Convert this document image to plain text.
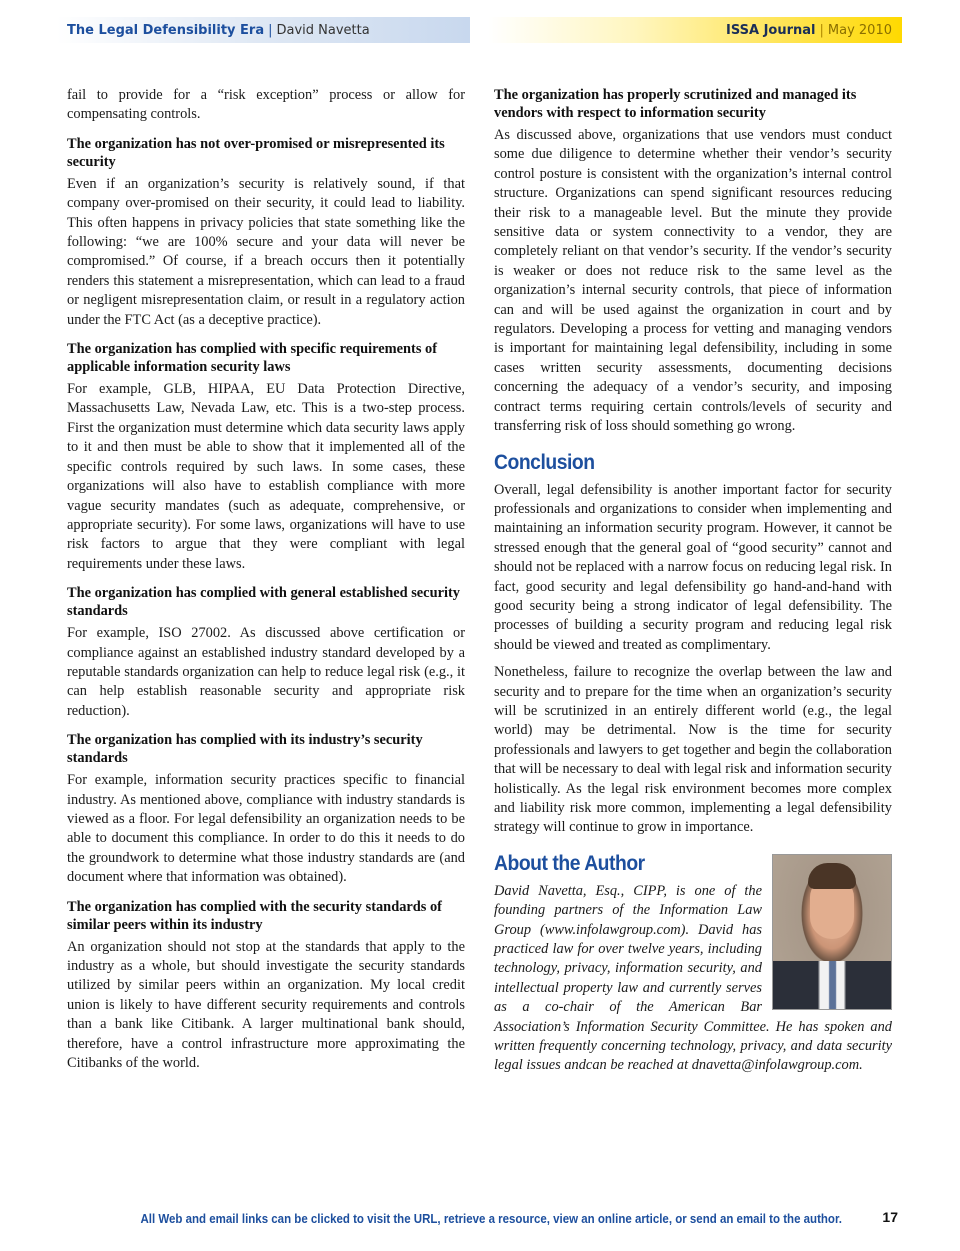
The Legal Defensibility Era | David Navetta	ISSA Journal | May 2010

fail to provide for a “risk exception” process or allow for compensating controls.

The organization has not over-promised or misrepresented its security

Even if an organization’s security is relatively sound, if that company over-promised on their security, it could lead to liability. This often happens in privacy policies that state something like the following: “we are 100% secure and your data will never be compromised.” Of course, if a breach occurs then it potentially renders this statement a misrepresentation, which can lead to a fraud or negligent misrepresentation claim, or result in a regulatory action under the FTC Act (as a deceptive practice).

The organization has complied with specific requirements of applicable information security laws

For example, GLB, HIPAA, EU Data Protection Directive, Massachusetts Law, Nevada Law, etc. This is a two-step process. First the organization must determine which data security laws apply to it and then must be able to show that it implemented all of the specific controls required by such laws. In some cases, these organizations will also have to establish compliance with more vague security mandates (such as adequate, comprehensive, or appropriate security). For some laws, organizations will have to use risk factors to argue that they were compliant with legal requirements under these laws.

The organization has complied with general established security standards

For example, ISO 27002. As discussed above certification or compliance against an established industry standard developed by a reputable standards organization can help to reduce legal risk (e.g., it can help establish reasonable security and appropriate risk reduction).

The organization has complied with its industry’s security standards

For example, information security practices specific to financial industry. As mentioned above, compliance with industry standards is viewed as a floor. For legal defensibility an organization needs to be able to document this compliance. In order to do this it needs to do the groundwork to determine what those industry standards are (and document where that information was obtained).

The organization has complied with the security standards of similar peers within its industry

An organization should not stop at the standards that apply to the industry as a whole, but should investigate the security standards utilized by similar peers within an organization. My local credit union is likely to have different security requirements and controls than a bank like Citibank. A larger multinational bank should, therefore, have a control infrastructure more approximating the Citibanks of the world.

The organization has properly scrutinized and managed its vendors with respect to information security

As discussed above, organizations that use vendors must conduct some due diligence to determine whether their vendor’s security control posture is consistent with the organization’s internal control structure. Organizations can spend significant resources reducing their risk to a manageable level. But the minute they provide sensitive data or system connectivity to a vendor, they are completely reliant on that vendor’s security. If the vendor’s security is weaker or does not reduce risk to the same level as the organization’s internal security controls, that piece of information can and will be used against the organization in court and by regulators. Developing a process for vetting and managing vendors is important for maintaining legal defensibility, including in some cases written security assessments, documenting decisions concerning the adequacy of a vendor’s security, and imposing contract terms requiring certain controls/levels of security and transferring risk of loss should something go wrong.

Conclusion

Overall, legal defensibility is another important factor for security professionals and organizations to consider when implementing and maintaining an information security program. However, it cannot be stressed enough that the general goal of “good security” cannot and should not be replaced with a narrow focus on reducing legal risk. In fact, good security and legal defensibility go hand-and-hand with good security being a strong indicator of legal defensibility. The processes of building a security program and reducing legal risk should be viewed and treated as complimentary.

Nonetheless, failure to recognize the overlap between the law and security and to prepare for the time when an organization’s security will be scrutinized in an entirely different world (e.g., the legal world) may be detrimental. Now is the time for security professionals and lawyers to get together and begin the collaboration that will be necessary to deal with legal risk and information security holistically. As the legal risk environment becomes more complex and liability risk more common, implementing a legal defensibility strategy will continue to grow in importance.

About the Author

David Navetta, Esq., CIPP, is one of the founding partners of the Information Law Group (www.infolawgroup.com). David has practiced law for over twelve years, including technology, privacy, information security, and intellectual property law and currently serves as a co-chair of the American Bar Association’s Information Security Committee. He has spoken and written frequently concerning technology, privacy, and data security legal issues andcan be reached at dnavetta@infolawgroup.com.

All Web and email links can be clicked to visit the URL, retrieve a resource, view an online article, or send an email to the author.	17
